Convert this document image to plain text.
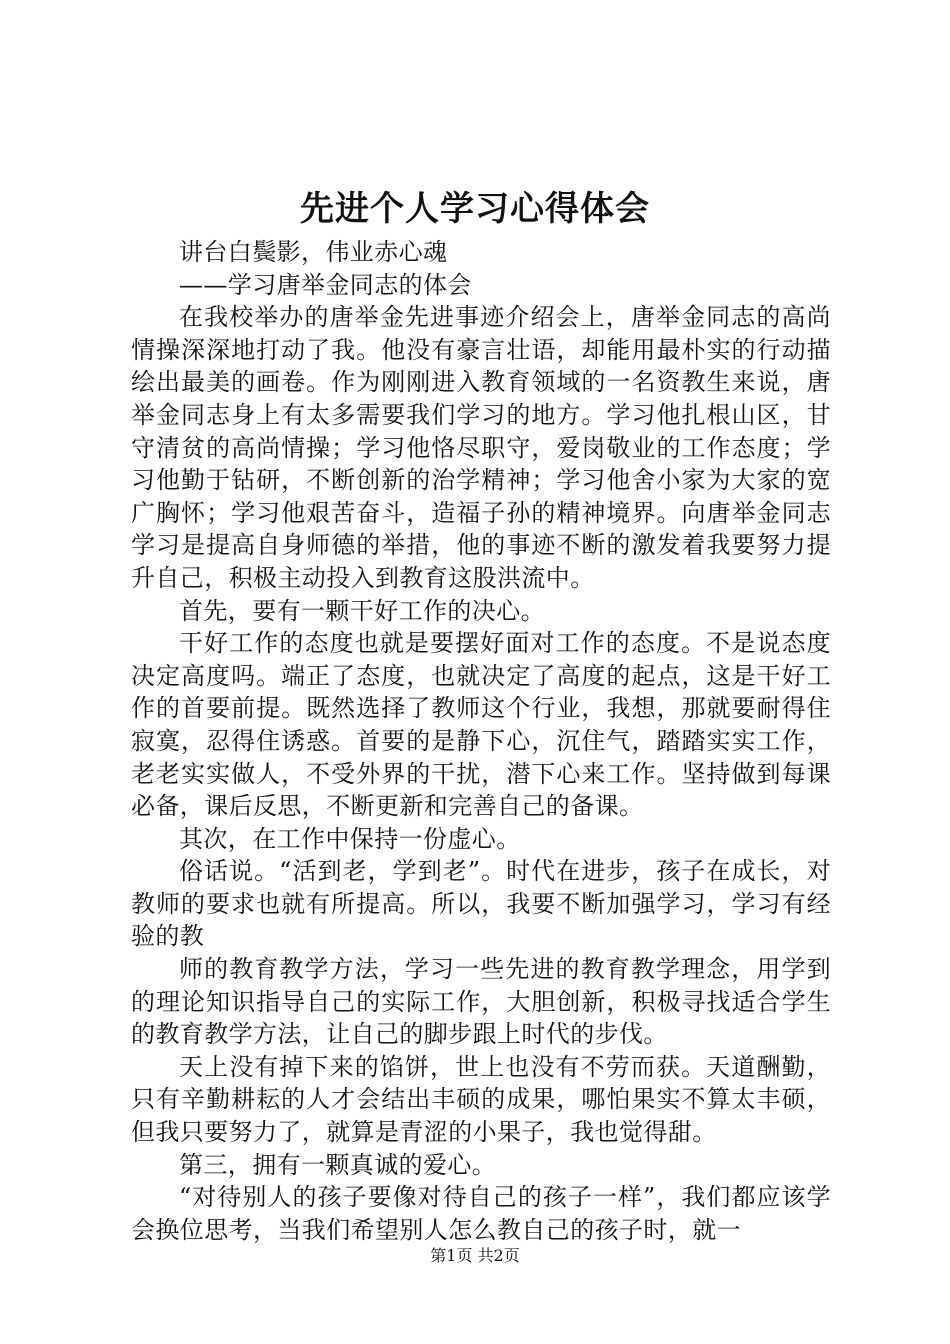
先进个人学习心得体会

讲台白鬓影，伟业赤心魂

——学习唐举金同志的体会

在我校举办的唐举金先进事迹介绍会上，唐举金同志的高尚情操深深地打动了我。他没有豪言壮语，却能用最朴实的行动描绘出最美的画卷。作为刚刚进入教育领域的一名资教生来说，唐举金同志身上有太多需要我们学习的地方。学习他扎根山区，甘守清贫的高尚情操；学习他恪尽职守，爱岗敬业的工作态度；学习他勤于钻研，不断创新的治学精神；学习他舍小家为大家的宽广胸怀；学习他艰苦奋斗，造福子孙的精神境界。向唐举金同志学习是提高自身师德的举措，他的事迹不断的激发着我要努力提升自己，积极主动投入到教育这股洪流中。

首先，要有一颗干好工作的决心。

干好工作的态度也就是要摆好面对工作的态度。不是说态度决定高度吗。端正了态度，也就决定了高度的起点，这是干好工作的首要前提。既然选择了教师这个行业，我想，那就要耐得住寂寞，忍得住诱惑。首要的是静下心，沉住气，踏踏实实工作，老老实实做人，不受外界的干扰，潜下心来工作。坚持做到每课必备，课后反思，不断更新和完善自己的备课。

其次，在工作中保持一份虚心。

俗话说。“活到老，学到老”。时代在进步，孩子在成长，对教师的要求也就有所提高。所以，我要不断加强学习，学习有经验的教

师的教育教学方法，学习一些先进的教育教学理念，用学到的理论知识指导自己的实际工作，大胆创新，积极寻找适合学生的教育教学方法，让自己的脚步跟上时代的步伐。

天上没有掉下来的馅饼，世上也没有不劳而获。天道酬勤，只有辛勤耕耘的人才会结出丰硕的成果，哪怕果实不算太丰硕，但我只要努力了，就算是青涩的小果子，我也觉得甜。

第三，拥有一颗真诚的爱心。

“对待别人的孩子要像对待自己的孩子一样”，我们都应该学会换位思考，当我们希望别人怎么教自己的孩子时，就一

第1页 共2页
